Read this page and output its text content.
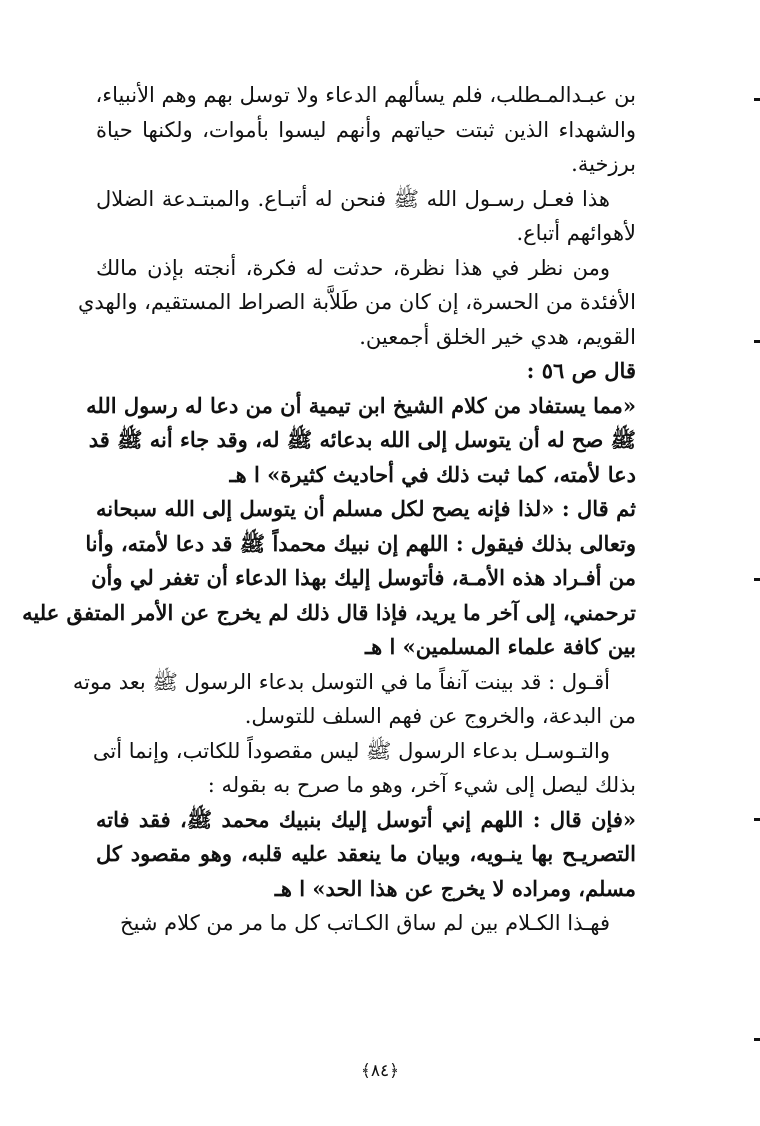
بن عبـدالمـطلب، فلم يسألهم الدعاء ولا توسل بهم وهم الأنبياء،
والشهداء الذين ثبتت حياتهم وأنهم ليسوا بأموات، ولكنها حياة
برزخية.
هذا فعـل رسـول الله ﷺ فنحن له أتبـاع. والمبتـدعة الضلال
لأهوائهم أتباع.
ومن نظر في هذا نظرة، حدثت له فكرة، أنجته بإذن مالك
الأفئدة من الحسرة، إن كان من طَلاَّبة الصراط المستقيم، والهدي
القويم، هدي خير الخلق أجمعين.
قال ص ٥٦ :
«مما يستفاد من كلام الشيخ ابن تيمية أن من دعا له رسول الله
ﷺ صح له أن يتوسل إلى الله بدعائه ﷺ له، وقد جاء أنه ﷺ قد
دعا لأمته، كما ثبت ذلك في أحاديث كثيرة» ا هـ
ثم قال : «لذا فإنه يصح لكل مسلم أن يتوسل إلى الله سبحانه
وتعالى بذلك فيقول : اللهم إن نبيك محمداً ﷺ قد دعا لأمته، وأنا
من أفـراد هذه الأمـة، فأتوسل إليك بهذا الدعاء أن تغفر لي وأن
ترحمني، إلى آخر ما يريد، فإذا قال ذلك لم يخرج عن الأمر المتفق عليه
بين كافة علماء المسلمين» ا هـ
أقـول : قد بينت آنفاً ما في التوسل بدعاء الرسول ﷺ بعد موته
من البدعة، والخروج عن فهم السلف للتوسل.
والتـوسـل بدعاء الرسول ﷺ ليس مقصوداً للكاتب، وإنما أتى
بذلك ليصل إلى شيء آخر، وهو ما صرح به بقوله :
«فإن قال : اللهم إني أتوسل إليك بنبيك محمد ﷺ، فقد فاته
التصريـح بها ينـويه، وبيان ما ينعقد عليه قلبه، وهو مقصود كل
مسلم، ومراده لا يخرج عن هذا الحد» ا هـ
فهـذا الكـلام بين لم ساق الكـاتب كل ما مر من كلام شيخ
﴿٨٤﴾
